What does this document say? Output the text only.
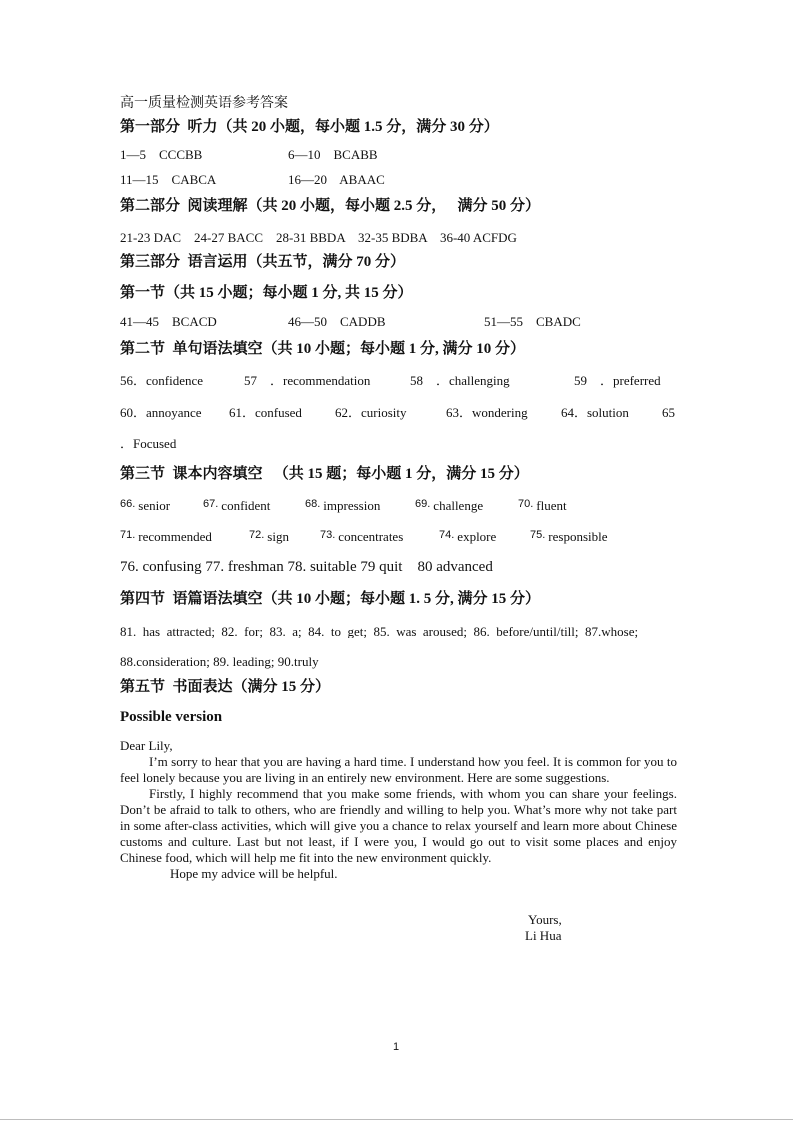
高一质量检测英语参考答案
第一部分  听力（共 20 小题，每小题 1.5 分，满分 30 分）
1—5    CCCBB	6—10    BCABB
11—15    CABCA	16—20    ABAAC
第二部分  阅读理解（共 20 小题，每小题 2.5 分，   满分 50 分）
21-23 DAC    24-27 BACC    28-31 BBDA    32-35 BDBA    36-40 ACFDG
第三部分  语言运用（共五节，满分 70 分）
第一节（共 15 小题；每小题 1 分, 共 15 分）
41—45    BCACD	46—50    CADDB	51—55    CBADC
第二节  单句语法填空（共 10 小题；每小题 1 分, 满分 10 分）
56．confidence	57    ．recommendation	58    ．challenging	59    ．preferred
60．annoyance 61．confused	62．curiosity	63．wondering	64．solution	65
．Focused
第三节  课本内容填空   （共 15 题；每小题 1 分，满分 15 分）
$^{66.}$ senior	$^{67.}$ confident	$^{68.}$ impression	$^{69.}$ challenge	$^{70.}$ fluent
$^{71.}$ recommended	$^{72.}$ sign	$^{73.}$ concentrates	$^{74.}$ explore	$^{75.}$ responsible
76. confusing 77. freshman 78. suitable 79 quit    80 advanced
第四节  语篇语法填空（共 10 小题；每小题 1. 5 分, 满分 15 分）
81.  has  attracted;  82.  for;  83.  a;  84.  to  get;  85.  was  aroused;  86.  before/until/till;  87.whose;
88.consideration; 89. leading; 90.truly
第五节  书面表达（满分 15 分）
Possible version

Dear Lily,

I’m sorry to hear that you are having a hard time. I understand how you feel. It is common for you to feel lonely because you are living in an entirely new environment. Here are some suggestions.

Firstly, I highly recommend that you make some friends, with whom you can share your feelings. Don’t be afraid to talk to others, who are friendly and willing to help you. What’s more why not take part in some after-class activities, which will give you a chance to relax yourself and learn more about Chinese customs and culture. Last but not least, if I were you, I would go out to visit some places and enjoy Chinese food, which will help me fit into the new environment quickly.

Hope my advice will be helpful.

Yours,
Li Hua
1
